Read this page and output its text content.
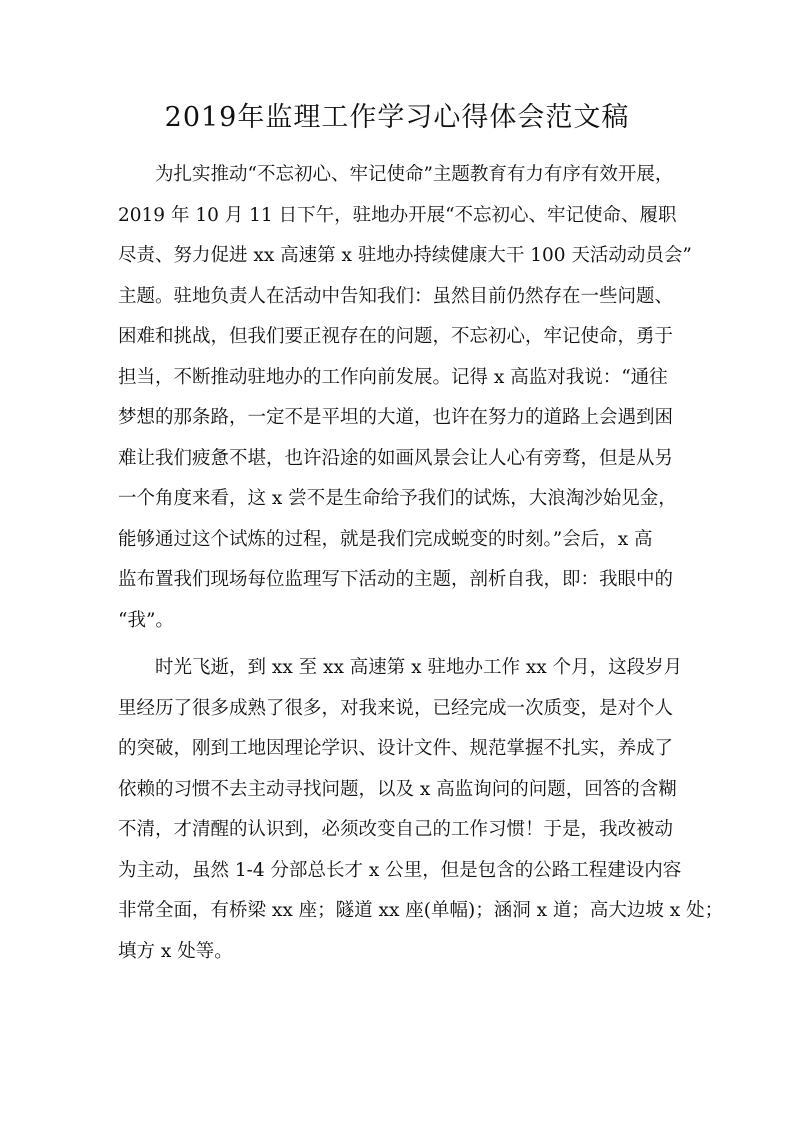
2019年监理工作学习心得体会范文稿
为扎实推动“不忘初心、牢记使命”主题教育有力有序有效开展，
2019 年 10 月 11 日下午，驻地办开展“不忘初心、牢记使命、履职
尽责、努力促进 xx 高速第 x 驻地办持续健康大干 100 天活动动员会”
主题。驻地负责人在活动中告知我们：虽然目前仍然存在一些问题、
困难和挑战，但我们要正视存在的问题，不忘初心，牢记使命，勇于
担当，不断推动驻地办的工作向前发展。记得 x 高监对我说：“通往
梦想的那条路，一定不是平坦的大道，也许在努力的道路上会遇到困
难让我们疲惫不堪，也许沿途的如画风景会让人心有旁骛，但是从另
一个角度来看，这 x 尝不是生命给予我们的试炼，大浪淘沙始见金，
能够通过这个试炼的过程，就是我们完成蜕变的时刻。”会后，x 高
监布置我们现场每位监理写下活动的主题，剖析自我，即：我眼中的
“我”。
时光飞逝，到 xx 至 xx 高速第 x 驻地办工作 xx 个月，这段岁月
里经历了很多成熟了很多，对我来说，已经完成一次质变，是对个人
的突破，刚到工地因理论学识、设计文件、规范掌握不扎实，养成了
依赖的习惯不去主动寻找问题，以及 x 高监询问的问题，回答的含糊
不清，才清醒的认识到，必须改变自己的工作习惯！于是，我改被动
为主动，虽然 1-4 分部总长才 x 公里，但是包含的公路工程建设内容
非常全面，有桥梁 xx 座；隧道 xx 座(单幅)；涵洞 x 道；高大边坡 x 处；
填方 x 处等。
